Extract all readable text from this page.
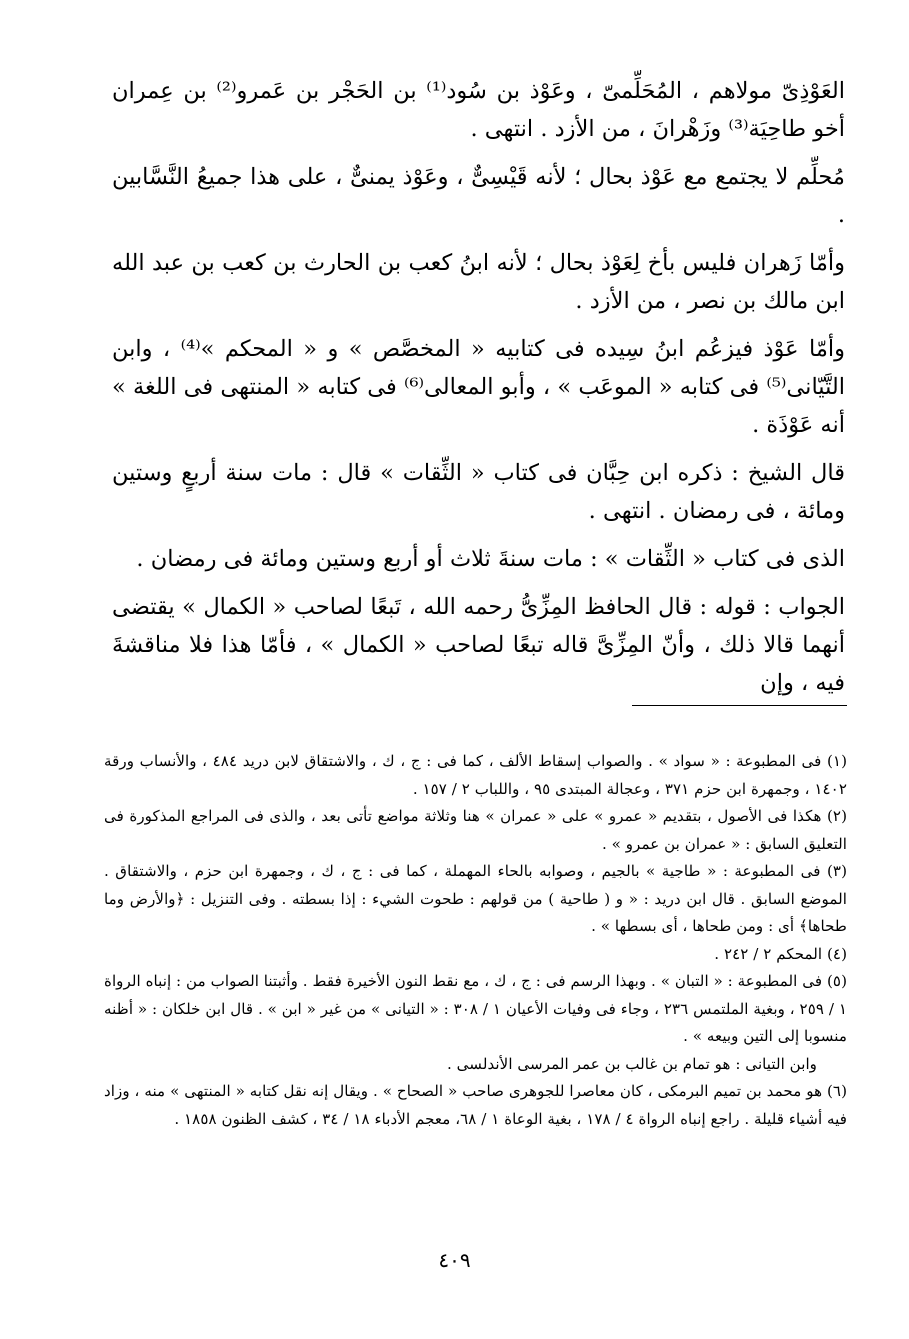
العَوْذِىّ مولاهم ، المُحَلِّمىّ ، وعَوْذ بن سُود⁽¹⁾ بن الحَجْر بن عَمرو⁽²⁾ بن عِمران أخو طاحِيَة⁽³⁾ وزَهْرانَ ، من الأزد . انتهى .

مُحلِّم لا يجتمع مع عَوْذ بحال ؛ لأنه قَيْسِىٌّ ، وعَوْذ يمنىٌّ ، على هذا جميعُ النَّسَّابين .

وأمّا زَهران فليس بأخ لِعَوْذ بحال ؛ لأنه ابنُ كعب بن الحارث بن كعب بن عبد الله ابن مالك بن نصر ، من الأزد .

وأمّا عَوْذ فيزعُم ابنُ سِيده فى كتابيه « المخصَّص » و « المحكم »⁽⁴⁾ ، وابن التَّيّانى⁽⁵⁾ فى كتابه « الموعَب » ، وأبو المعالى⁽⁶⁾ فى كتابه « المنتهى فى اللغة » أنه عَوْذَة .

قال الشيخ : ذكره ابن حِبَّان فى كتاب « الثِّقات » قال : مات سنة أربعٍ وستين ومائة ، فى رمضان . انتهى .

الذى فى كتاب « الثِّقات » : مات سنةَ ثلاث أو أربع وستين ومائة فى رمضان .

الجواب : قوله : قال الحافظ المِزِّىُّ رحمه الله ، تَبعًا لصاحب « الكمال » يقتضى أنهما قالا ذلك ، وأنّ المِزِّىَّ قاله تبعًا لصاحب « الكمال » ، فأمّا هذا فلا مناقشةَ فيه ، وإن

(١) فى المطبوعة : « سواد » . والصواب إسقاط الألف ، كما فى : ج ، ك ، والاشتقاق لابن دريد ٤٨٤ ، والأنساب ورقة ١٤٠٢ ، وجمهرة ابن حزم ٣٧١ ، وعجالة المبتدى ٩٥ ، واللباب ٢ / ١٥٧ .

(٢) هكذا فى الأصول ، بتقديم « عمرو » على « عمران » هنا وثلاثة مواضع تأتى بعد ، والذى فى المراجع المذكورة فى التعليق السابق : « عمران بن عمرو » .

(٣) فى المطبوعة : « طاجية » بالجيم ، وصوابه بالحاء المهملة ، كما فى : ج ، ك ، وجمهرة ابن حزم ، والاشتقاق . الموضع السابق . قال ابن دريد : « و ( طاحية ) من قولهم : طحوت الشيء : إذا بسطته . وفى التنزيل : ﴿والأرض وما طحاها﴾ أى : ومن طحاها ، أى بسطها » .

(٤) المحكم ٢ / ٢٤٢ .

(٥) فى المطبوعة : « التبان » . وبهذا الرسم فى : ج ، ك ، مع نقط النون الأخيرة فقط . وأثبتنا الصواب من : إنباه الرواة ١ / ٢٥٩ ، وبغية الملتمس ٢٣٦ ، وجاء فى وفيات الأعيان ١ / ٣٠٨ : « التيانى » من غير « ابن » . قال ابن خلكان : « أظنه منسوبا إلى التين وبيعه » .

وابن التيانى : هو تمام بن غالب بن عمر المرسى الأندلسى .

(٦) هو محمد بن تميم البرمكى ، كان معاصرا للجوهرى صاحب « الصحاح » . ويقال إنه نقل كتابه « المنتهى » منه ، وزاد فيه أشياء قليلة . راجع إنباه الرواة ٤ / ١٧٨ ، بغية الوعاة ١ / ٦٨، معجم الأدباء ١٨ / ٣٤ ، كشف الظنون ١٨٥٨ .

٤٠٩
